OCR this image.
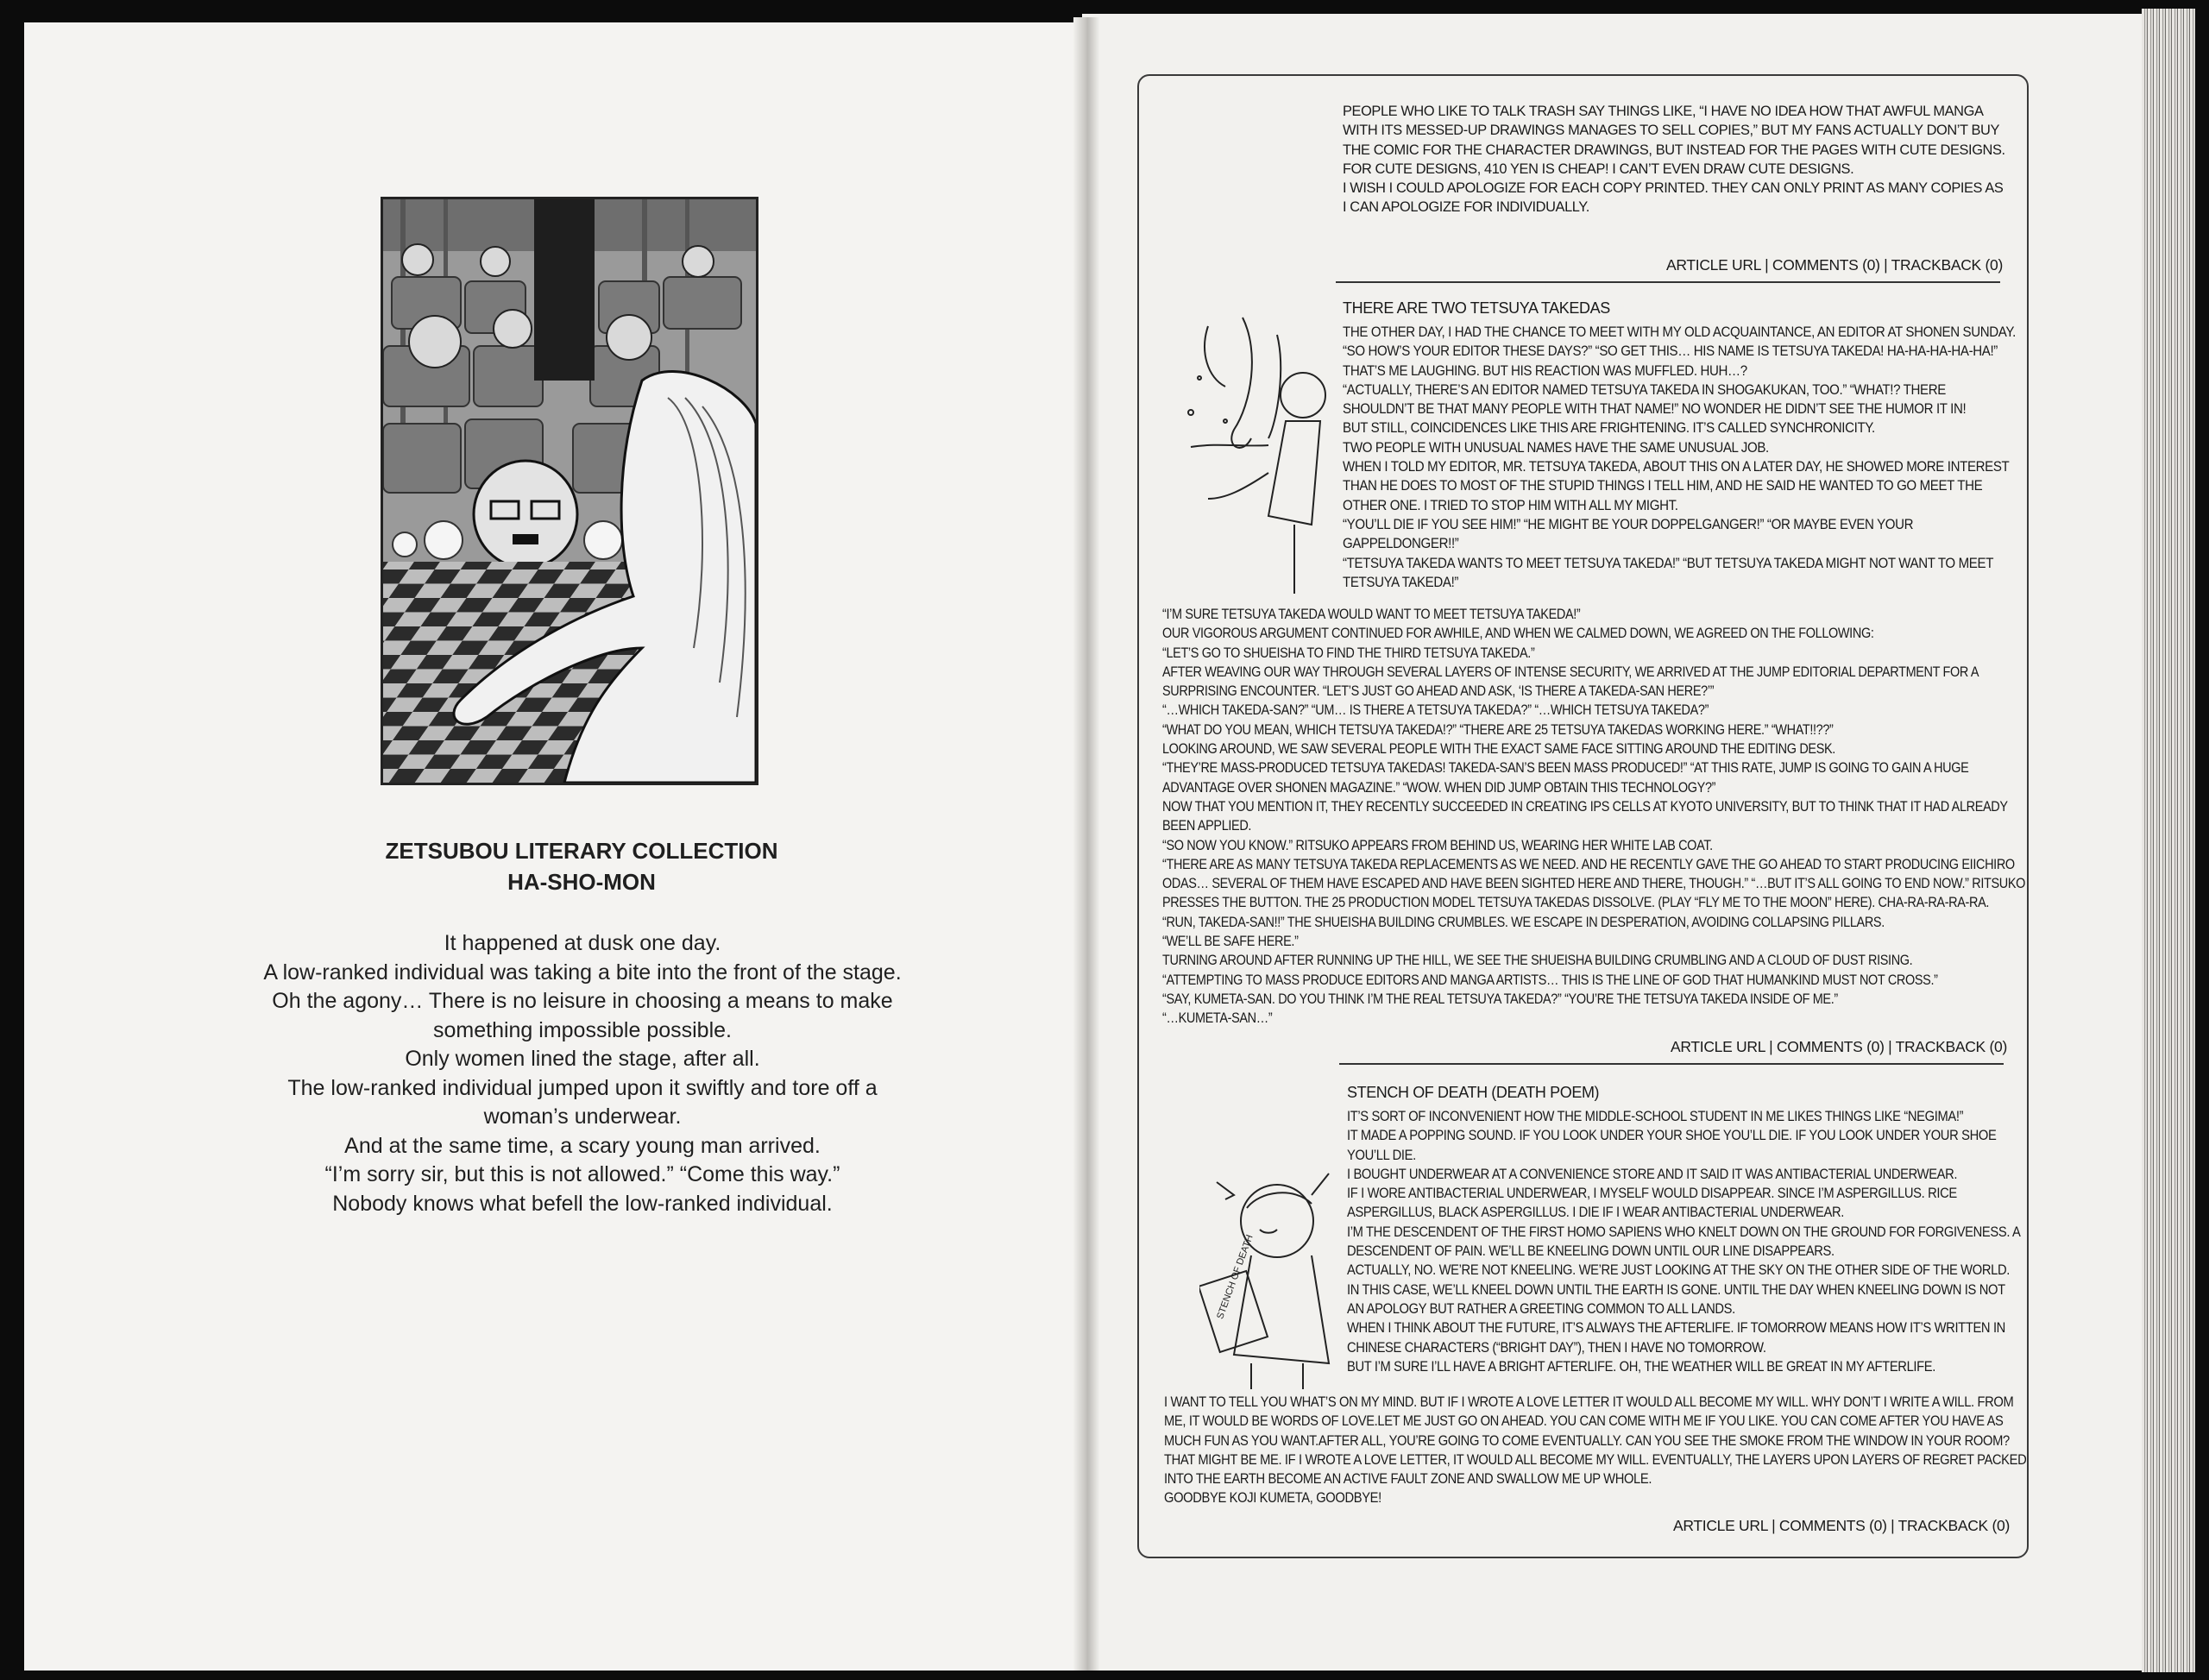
ZETSUBOU LITERARY COLLECTION
HA-SHO-MON

It happened at dusk one day.

A low-ranked individual was taking a bite into the front of the stage.

Oh the agony… There is no leisure in choosing a means to make

something impossible possible.

Only women lined the stage, after all.

The low-ranked individual jumped upon it swiftly and tore off a

woman’s underwear.

And at the same time, a scary young man arrived.

“I’m sorry sir, but this is not allowed.” “Come this way.”

Nobody knows what befell the low-ranked individual.

PEOPLE WHO LIKE TO TALK TRASH SAY THINGS LIKE, “I HAVE NO IDEA HOW THAT AWFUL MANGA

WITH ITS MESSED-UP DRAWINGS MANAGES TO SELL COPIES,” BUT MY FANS ACTUALLY DON’T BUY

THE COMIC FOR THE CHARACTER DRAWINGS, BUT INSTEAD FOR THE PAGES WITH CUTE DESIGNS.

FOR CUTE DESIGNS, 410 YEN IS CHEAP! I CAN’T EVEN DRAW CUTE DESIGNS.

I WISH I COULD APOLOGIZE FOR EACH COPY PRINTED. THEY CAN ONLY PRINT AS MANY COPIES AS

I CAN APOLOGIZE FOR INDIVIDUALLY.

ARTICLE URL | COMMENTS (0) | TRACKBACK (0)

THERE ARE TWO TETSUYA TAKEDAS

THE OTHER DAY, I HAD THE CHANCE TO MEET WITH MY OLD ACQUAINTANCE, AN EDITOR AT SHONEN SUNDAY.

“SO HOW’S YOUR EDITOR THESE DAYS?” “SO GET THIS… HIS NAME IS TETSUYA TAKEDA! HA-HA-HA-HA-HA!”

THAT’S ME LAUGHING. BUT HIS REACTION WAS MUFFLED. HUH…?

“ACTUALLY, THERE’S AN EDITOR NAMED TETSUYA TAKEDA IN SHOGAKUKAN, TOO.” “WHAT!? THERE

SHOULDN’T BE THAT MANY PEOPLE WITH THAT NAME!” NO WONDER HE DIDN’T SEE THE HUMOR IT IN!

BUT STILL, COINCIDENCES LIKE THIS ARE FRIGHTENING. IT’S CALLED SYNCHRONICITY.

TWO PEOPLE WITH UNUSUAL NAMES HAVE THE SAME UNUSUAL JOB.

WHEN I TOLD MY EDITOR, MR. TETSUYA TAKEDA, ABOUT THIS ON A LATER DAY, HE SHOWED MORE INTEREST

THAN HE DOES TO MOST OF THE STUPID THINGS I TELL HIM, AND HE SAID HE WANTED TO GO MEET THE

OTHER ONE. I TRIED TO STOP HIM WITH ALL MY MIGHT.

“YOU’LL DIE IF YOU SEE HIM!” “HE MIGHT BE YOUR DOPPELGANGER!” “OR MAYBE EVEN YOUR

GAPPELDONGER!!”

“TETSUYA TAKEDA WANTS TO MEET TETSUYA TAKEDA!” “BUT TETSUYA TAKEDA MIGHT NOT WANT TO MEET

TETSUYA TAKEDA!”

“I’M SURE TETSUYA TAKEDA WOULD WANT TO MEET TETSUYA TAKEDA!”

OUR VIGOROUS ARGUMENT CONTINUED FOR AWHILE, AND WHEN WE CALMED DOWN, WE AGREED ON THE FOLLOWING:

“LET’S GO TO SHUEISHA TO FIND THE THIRD TETSUYA TAKEDA.”

AFTER WEAVING OUR WAY THROUGH SEVERAL LAYERS OF INTENSE SECURITY, WE ARRIVED AT THE JUMP EDITORIAL DEPARTMENT FOR A

SURPRISING ENCOUNTER. “LET’S JUST GO AHEAD AND ASK, ‘IS THERE A TAKEDA-SAN HERE?’”

“…WHICH TAKEDA-SAN?” “UM… IS THERE A TETSUYA TAKEDA?” “…WHICH TETSUYA TAKEDA?”

“WHAT DO YOU MEAN, WHICH TETSUYA TAKEDA!?” “THERE ARE 25 TETSUYA TAKEDAS WORKING HERE.” “WHAT!!??”

LOOKING AROUND, WE SAW SEVERAL PEOPLE WITH THE EXACT SAME FACE SITTING AROUND THE EDITING DESK.

“THEY’RE MASS-PRODUCED TETSUYA TAKEDAS! TAKEDA-SAN’S BEEN MASS PRODUCED!” “AT THIS RATE, JUMP IS GOING TO GAIN A HUGE

ADVANTAGE OVER SHONEN MAGAZINE.” “WOW. WHEN DID JUMP OBTAIN THIS TECHNOLOGY?”

NOW THAT YOU MENTION IT, THEY RECENTLY SUCCEEDED IN CREATING IPS CELLS AT KYOTO UNIVERSITY, BUT TO THINK THAT IT HAD ALREADY

BEEN APPLIED.

“SO NOW YOU KNOW.” RITSUKO APPEARS FROM BEHIND US, WEARING HER WHITE LAB COAT.

“THERE ARE AS MANY TETSUYA TAKEDA REPLACEMENTS AS WE NEED. AND HE RECENTLY GAVE THE GO AHEAD TO START PRODUCING EIICHIRO

ODAS… SEVERAL OF THEM HAVE ESCAPED AND HAVE BEEN SIGHTED HERE AND THERE, THOUGH.” “…BUT IT’S ALL GOING TO END NOW.” RITSUKO

PRESSES THE BUTTON. THE 25 PRODUCTION MODEL TETSUYA TAKEDAS DISSOLVE. (PLAY “FLY ME TO THE MOON” HERE). CHA-RA-RA-RA-RA.

“RUN, TAKEDA-SAN!!” THE SHUEISHA BUILDING CRUMBLES. WE ESCAPE IN DESPERATION, AVOIDING COLLAPSING PILLARS.

“WE’LL BE SAFE HERE.”

TURNING AROUND AFTER RUNNING UP THE HILL, WE SEE THE SHUEISHA BUILDING CRUMBLING AND A CLOUD OF DUST RISING.

“ATTEMPTING TO MASS PRODUCE EDITORS AND MANGA ARTISTS… THIS IS THE LINE OF GOD THAT HUMANKIND MUST NOT CROSS.”

“SAY, KUMETA-SAN. DO YOU THINK I’M THE REAL TETSUYA TAKEDA?” “YOU’RE THE TETSUYA TAKEDA INSIDE OF ME.”

“…KUMETA-SAN…”

ARTICLE URL | COMMENTS (0) | TRACKBACK (0)
STENCH OF DEATH

STENCH OF DEATH (DEATH POEM)

IT’S SORT OF INCONVENIENT HOW THE MIDDLE-SCHOOL STUDENT IN ME LIKES THINGS LIKE “NEGIMA!”

IT MADE A POPPING SOUND. IF YOU LOOK UNDER YOUR SHOE YOU’LL DIE. IF YOU LOOK UNDER YOUR SHOE

YOU’LL DIE.

I BOUGHT UNDERWEAR AT A CONVENIENCE STORE AND IT SAID IT WAS ANTIBACTERIAL UNDERWEAR.

IF I WORE ANTIBACTERIAL UNDERWEAR, I MYSELF WOULD DISAPPEAR. SINCE I’M ASPERGILLUS. RICE

ASPERGILLUS, BLACK ASPERGILLUS. I DIE IF I WEAR ANTIBACTERIAL UNDERWEAR.

I’M THE DESCENDENT OF THE FIRST HOMO SAPIENS WHO KNELT DOWN ON THE GROUND FOR FORGIVENESS. A

DESCENDENT OF PAIN. WE’LL BE KNEELING DOWN UNTIL OUR LINE DISAPPEARS.

ACTUALLY, NO. WE’RE NOT KNEELING. WE’RE JUST LOOKING AT THE SKY ON THE OTHER SIDE OF THE WORLD.

IN THIS CASE, WE’LL KNEEL DOWN UNTIL THE EARTH IS GONE. UNTIL THE DAY WHEN KNEELING DOWN IS NOT

AN APOLOGY BUT RATHER A GREETING COMMON TO ALL LANDS.

WHEN I THINK ABOUT THE FUTURE, IT’S ALWAYS THE AFTERLIFE. IF TOMORROW MEANS HOW IT’S WRITTEN IN

CHINESE CHARACTERS (“BRIGHT DAY”), THEN I HAVE NO TOMORROW.

BUT I’M SURE I’LL HAVE A BRIGHT AFTERLIFE. OH, THE WEATHER WILL BE GREAT IN MY AFTERLIFE.

I WANT TO TELL YOU WHAT’S ON MY MIND. BUT IF I WROTE A LOVE LETTER IT WOULD ALL BECOME MY WILL. WHY DON’T I WRITE A WILL. FROM

ME, IT WOULD BE WORDS OF LOVE.LET ME JUST GO ON AHEAD. YOU CAN COME WITH ME IF YOU LIKE. YOU CAN COME AFTER YOU HAVE AS

MUCH FUN AS YOU WANT.AFTER ALL, YOU’RE GOING TO COME EVENTUALLY. CAN YOU SEE THE SMOKE FROM THE WINDOW IN YOUR ROOM?

THAT MIGHT BE ME. IF I WROTE A LOVE LETTER, IT WOULD ALL BECOME MY WILL. EVENTUALLY, THE LAYERS UPON LAYERS OF REGRET PACKED

INTO THE EARTH BECOME AN ACTIVE FAULT ZONE AND SWALLOW ME UP WHOLE.

GOODBYE KOJI KUMETA, GOODBYE!

ARTICLE URL | COMMENTS (0) | TRACKBACK (0)
